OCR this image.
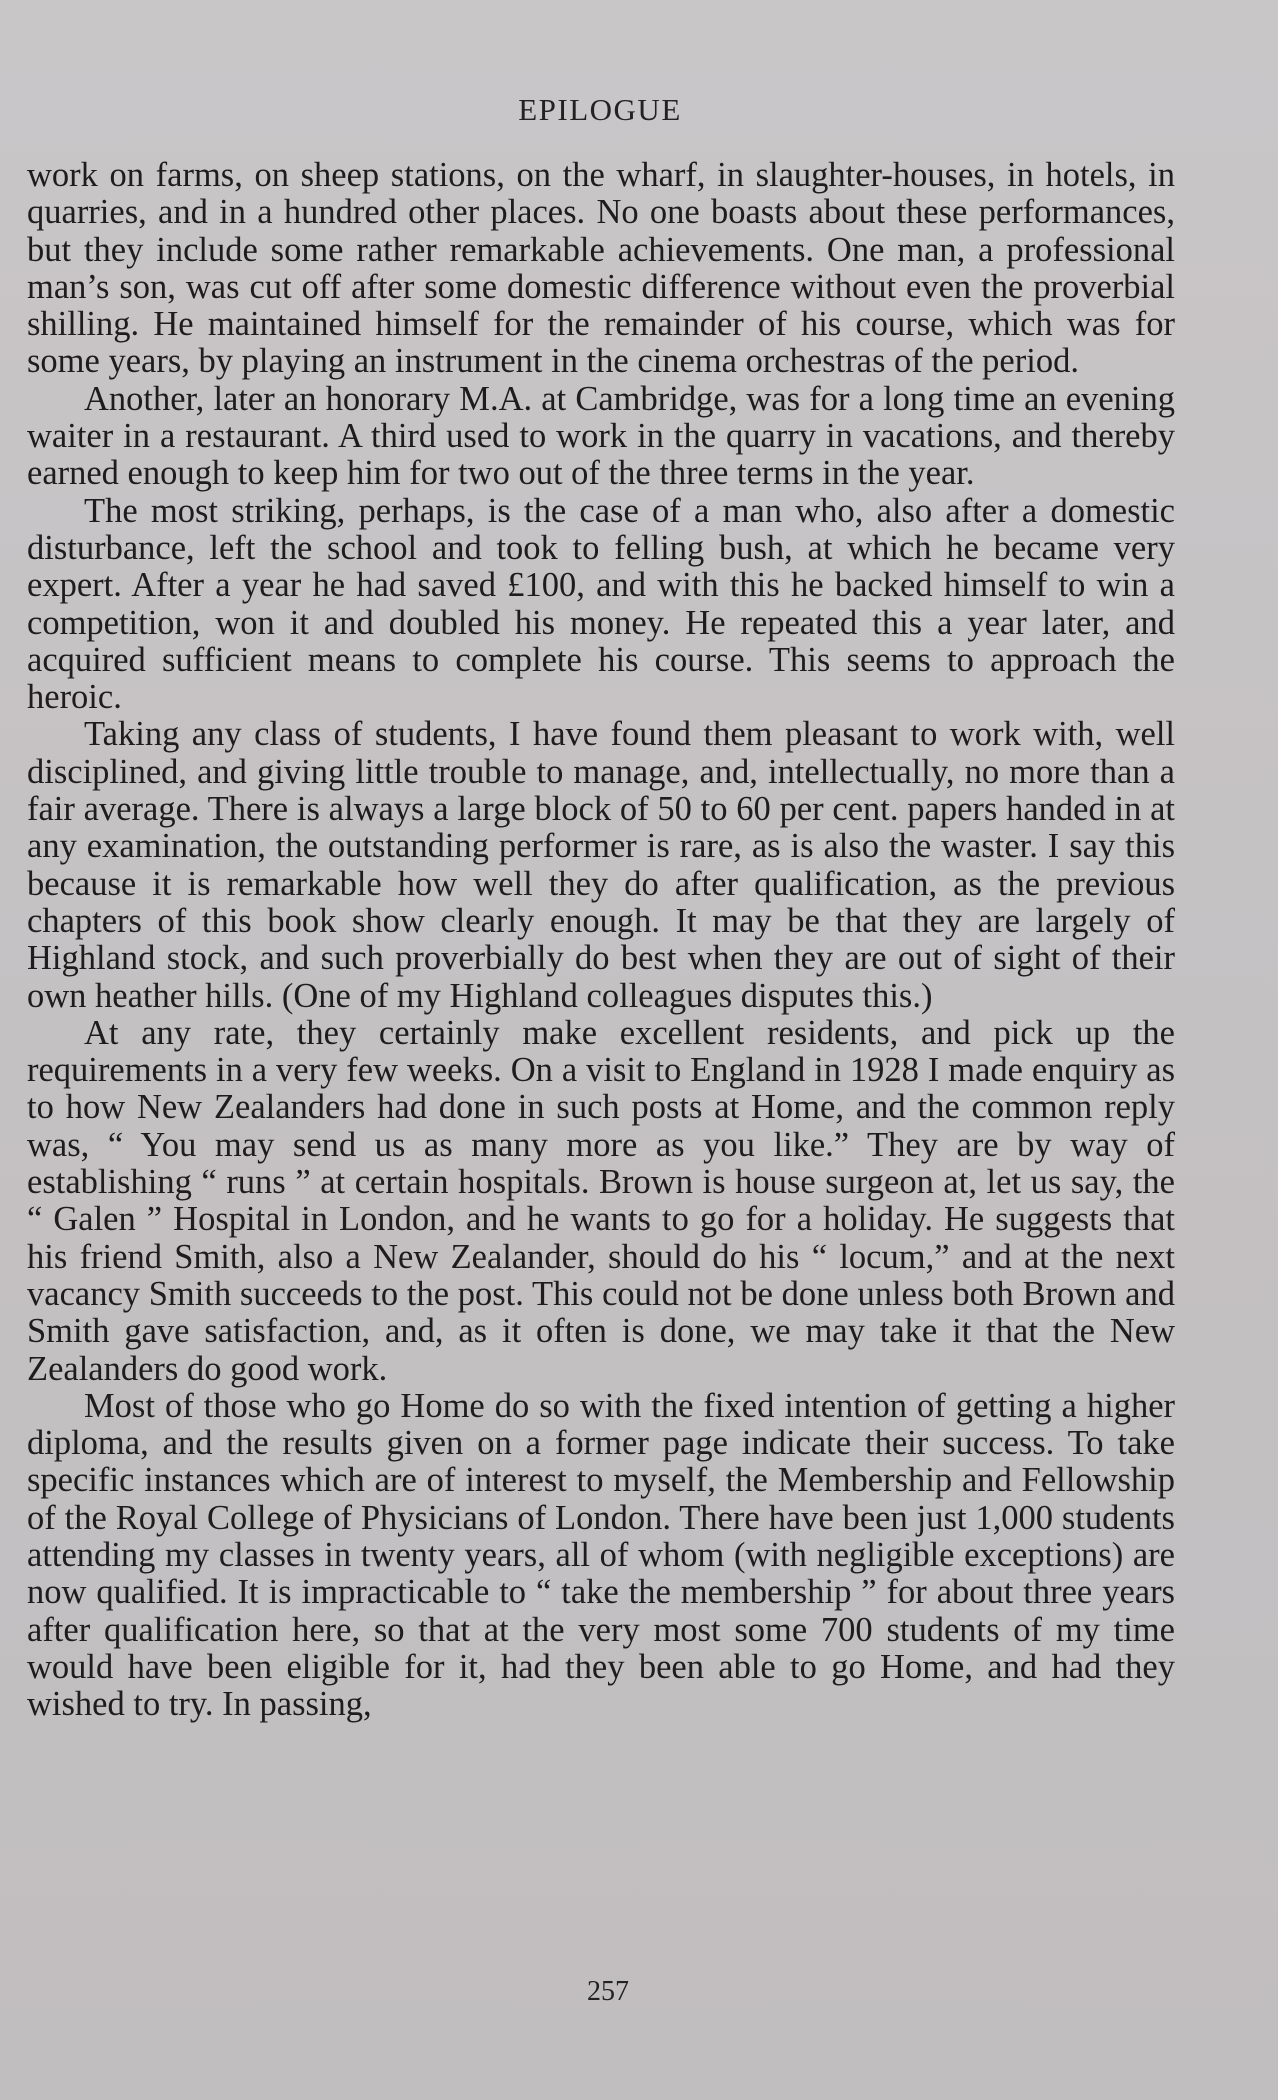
EPILOGUE

work on farms, on sheep stations, on the wharf, in slaughter-houses, in hotels, in quarries, and in a hundred other places. No one boasts about these performances, but they include some rather remarkable achievements. One man, a professional man’s son, was cut off after some domestic difference without even the proverbial shilling. He maintained himself for the remainder of his course, which was for some years, by playing an instrument in the cinema orchestras of the period.

Another, later an honorary M.A. at Cambridge, was for a long time an evening waiter in a restaurant. A third used to work in the quarry in vacations, and thereby earned enough to keep him for two out of the three terms in the year.

The most striking, perhaps, is the case of a man who, also after a domestic disturbance, left the school and took to felling bush, at which he became very expert. After a year he had saved £100, and with this he backed himself to win a competition, won it and doubled his money. He repeated this a year later, and acquired sufficient means to complete his course. This seems to approach the heroic.

Taking any class of students, I have found them pleasant to work with, well disciplined, and giving little trouble to manage, and, intellectually, no more than a fair average. There is always a large block of 50 to 60 per cent. papers handed in at any examination, the outstanding performer is rare, as is also the waster. I say this because it is remarkable how well they do after qualification, as the previous chapters of this book show clearly enough. It may be that they are largely of Highland stock, and such proverbially do best when they are out of sight of their own heather hills. (One of my Highland colleagues disputes this.)

At any rate, they certainly make excellent residents, and pick up the requirements in a very few weeks. On a visit to England in 1928 I made enquiry as to how New Zealanders had done in such posts at Home, and the common reply was, “ You may send us as many more as you like.” They are by way of establishing “ runs ” at certain hospitals. Brown is house surgeon at, let us say, the “ Galen ” Hospital in London, and he wants to go for a holiday. He suggests that his friend Smith, also a New Zealander, should do his “ locum,” and at the next vacancy Smith succeeds to the post. This could not be done unless both Brown and Smith gave satisfaction, and, as it often is done, we may take it that the New Zealanders do good work.

Most of those who go Home do so with the fixed intention of getting a higher diploma, and the results given on a former page indicate their success. To take specific instances which are of interest to myself, the Membership and Fellowship of the Royal College of Physicians of London. There have been just 1,000 students attending my classes in twenty years, all of whom (with negligible exceptions) are now qualified. It is impracticable to “ take the membership ” for about three years after qualification here, so that at the very most some 700 students of my time would have been eligible for it, had they been able to go Home, and had they wished to try. In passing,

257
